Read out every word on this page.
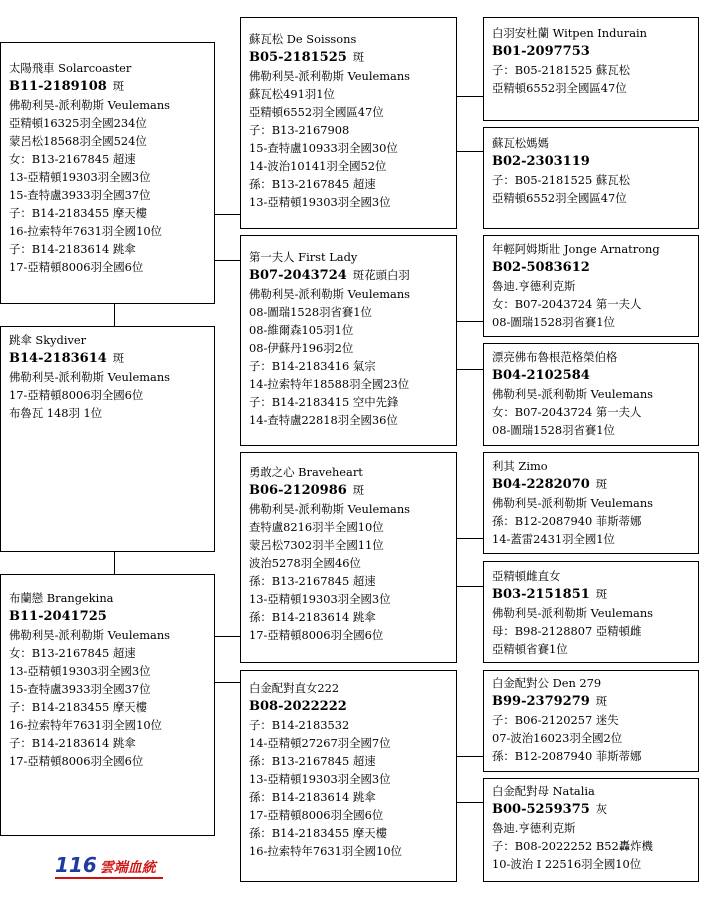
太陽飛車 Solarcoaster
B11-2189108 斑
佛勒利昊-派利勒斯 Veulemans
亞精頓16325羽全國234位
蒙呂松18568羽全國524位
女：B13-2167845 超速
13-亞精頓19303羽全國3位
15-查特盧3933羽全國37位
子：B14-2183455 摩天樓
16-拉索特年7631羽全國10位
子：B14-2183614 跳傘
17-亞精頓8006羽全國6位
跳傘 Skydiver
B14-2183614 斑
佛勒利昊-派利勒斯 Veulemans
17-亞精頓8006羽全國6位
布魯瓦 148羽 1位
布蘭戀 Brangekina
B11-2041725
佛勒利昊-派利勒斯 Veulemans
女：B13-2167845 超速
13-亞精頓19303羽全國3位
15-查特盧3933羽全國37位
子：B14-2183455 摩天樓
16-拉索特年7631羽全國10位
子：B14-2183614 跳傘
17-亞精頓8006羽全國6位
蘇瓦松 De Soissons
B05-2181525 斑
佛勒利昊-派利勒斯 Veulemans
蘇瓦松491羽1位
亞精頓6552羽全國區47位
子：B13-2167908
15-查特盧10933羽全國30位
14-波治10141羽全國52位
孫：B13-2167845 超速
13-亞精頓19303羽全國3位
第一夫人 First Lady
B07-2043724 斑花頭白羽
佛勒利昊-派利勒斯 Veulemans
08-圖瑞1528羽省賽1位
08-維爾森105羽1位
08-伊蘇丹196羽2位
子：B14-2183416 氣宗
14-拉索特年18588羽全國23位
子：B14-2183415 空中先鋒
14-查特盧22818羽全國36位
勇敢之心 Braveheart
B06-2120986 斑
佛勒利昊-派利勒斯 Veulemans
查特盧8216羽半全國10位
蒙呂松7302羽半全國11位
波治5278羽全國46位
孫：B13-2167845 超速
13-亞精頓19303羽全國3位
孫：B14-2183614 跳傘
17-亞精頓8006羽全國6位
白金配對直女222
B08-2022222
子：B14-2183532
14-亞精頓27267羽全國7位
孫：B13-2167845 超速
13-亞精頓19303羽全國3位
孫：B14-2183614 跳傘
17-亞精頓8006羽全國6位
孫：B14-2183455 摩天樓
16-拉索特年7631羽全國10位
白羽安杜蘭 Witpen Indurain
B01-2097753
子：B05-2181525 蘇瓦松
亞精頓6552羽全國區47位
蘇瓦松媽媽
B02-2303119
子：B05-2181525 蘇瓦松
亞精頓6552羽全國區47位
年輕阿姆斯壯 Jonge Arnatrong
B02-5083612
魯迪.亨德利克斯
女：B07-2043724 第一夫人
08-圖瑞1528羽省賽1位
漂亮佛布魯根范格榮伯格
B04-2102584
佛勒利昊-派利勒斯 Veulemans
女：B07-2043724 第一夫人
08-圖瑞1528羽省賽1位
利其 Zimo
B04-2282070 斑
佛勒利昊-派利勒斯 Veulemans
孫：B12-2087940 菲斯蒂娜
14-蓋雷2431羽全國1位
亞精頓雌直女
B03-2151851 斑
佛勒利昊-派利勒斯 Veulemans
母：B98-2128807 亞精頓雌
亞精頓省賽1位
白金配對公 Den 279
B99-2379279 斑
子：B06-2120257 迷失
07-波治16023羽全國2位
孫：B12-2087940 菲斯蒂娜
白金配對母 Natalia
B00-5259375 灰
魯迪.亨德利克斯
子：B08-2022252 B52轟炸機
10-波治 I 22516羽全國10位
116 雲端血統
